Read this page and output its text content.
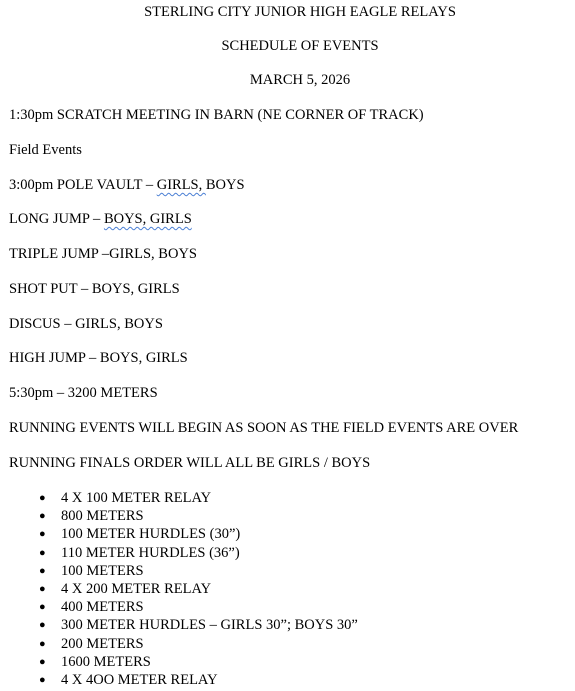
STERLING CITY JUNIOR HIGH EAGLE RELAYS
SCHEDULE OF EVENTS
MARCH 5, 2026
1:30pm SCRATCH MEETING IN BARN (NE CORNER OF TRACK)
Field Events
3:00pm POLE VAULT – GIRLS, BOYS
LONG JUMP – BOYS, GIRLS
TRIPLE JUMP –GIRLS, BOYS
SHOT PUT – BOYS, GIRLS
DISCUS – GIRLS, BOYS
HIGH JUMP – BOYS, GIRLS
5:30pm – 3200 METERS
RUNNING EVENTS WILL BEGIN AS SOON AS THE FIELD EVENTS ARE OVER
RUNNING FINALS ORDER WILL ALL BE GIRLS / BOYS
● 4 X 100 METER RELAY
● 800 METERS
● 100 METER HURDLES (30”)
● 110 METER HURDLES (36”)
● 100 METERS
● 4 X 200 METER RELAY
● 400 METERS
● 300 METER HURDLES – GIRLS 30”; BOYS 30”
● 200 METERS
● 1600 METERS
● 4 X 4OO METER RELAY
